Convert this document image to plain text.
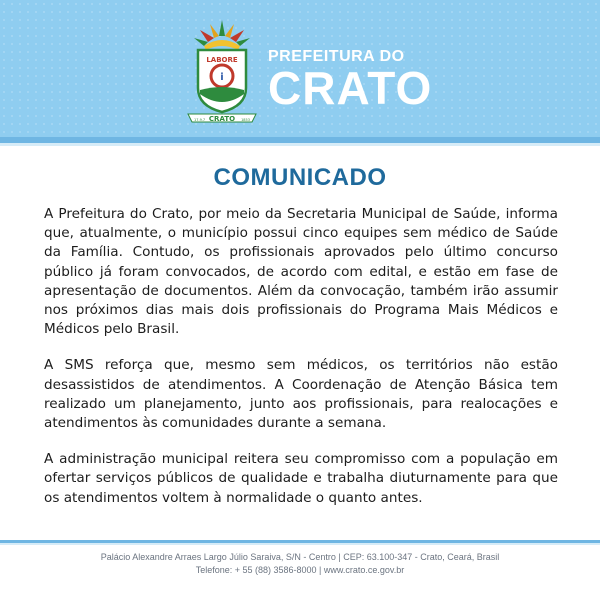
i
LABORE
CRATO
17.9.7	1853
PREFEITURA DO
CRATO
COMUNICADO

A Prefeitura do Crato, por meio da Secretaria Municipal de Saúde, informa que, atualmente, o município possui cinco equipes sem médico de Saúde da Família. Contudo, os profissionais aprovados pelo último concurso público já foram convocados, de acordo com edital, e estão em fase de apresentação de documentos. Além da convocação, também irão assumir nos próximos dias mais dois profissionais do Programa Mais Médicos e Médicos pelo Brasil.

A SMS reforça que, mesmo sem médicos, os territórios não estão desassistidos de atendimentos. A Coordenação de Atenção Básica tem realizado um planejamento, junto aos profissionais, para realocações e atendimentos às comunidades durante a semana.

A administração municipal reitera seu compromisso com a população em ofertar serviços públicos de qualidade e trabalha diuturnamente para que os atendimentos voltem à normalidade o quanto antes.

Palácio Alexandre Arraes Largo Júlio Saraiva, S/N - Centro | CEP: 63.100-347 - Crato, Ceará, Brasil
Telefone: + 55 (88) 3586-8000 | www.crato.ce.gov.br
